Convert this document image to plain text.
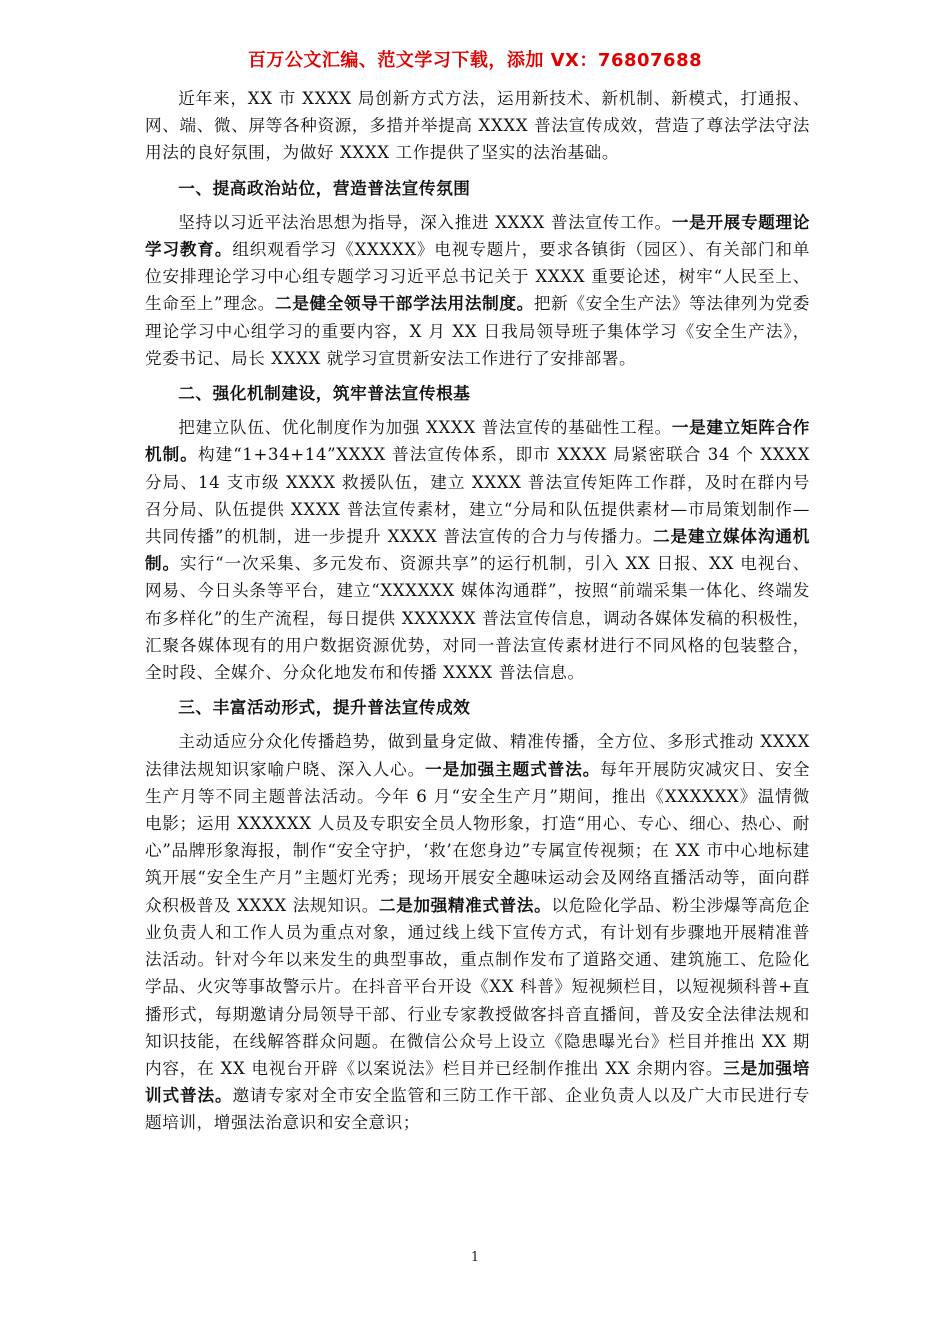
百万公文汇编、范文学习下载，添加 VX：76807688

近年来，XX 市 XXXX 局创新方式方法，运用新技术、新机制、新模式，打通报、网、端、微、屏等各种资源，多措并举提高 XXXX 普法宣传成效，营造了尊法学法守法用法的良好氛围，为做好 XXXX 工作提供了坚实的法治基础。

一、提高政治站位，营造普法宣传氛围

坚持以习近平法治思想为指导，深入推进 XXXX 普法宣传工作。一是开展专题理论学习教育。组织观看学习《XXXXX》电视专题片，要求各镇街（园区）、有关部门和单位安排理论学习中心组专题学习习近平总书记关于 XXXX 重要论述，树牢“人民至上、生命至上”理念。二是健全领导干部学法用法制度。把新《安全生产法》等法律列为党委理论学习中心组学习的重要内容，X 月 XX 日我局领导班子集体学习《安全生产法》，党委书记、局长 XXXX 就学习宣贯新安法工作进行了安排部署。

二、强化机制建设，筑牢普法宣传根基

把建立队伍、优化制度作为加强 XXXX 普法宣传的基础性工程。一是建立矩阵合作机制。构建“1+34+14”XXXX 普法宣传体系，即市 XXXX 局紧密联合 34 个 XXXX 分局、14 支市级 XXXX 救援队伍，建立 XXXX 普法宣传矩阵工作群，及时在群内号召分局、队伍提供 XXXX 普法宣传素材，建立“分局和队伍提供素材—市局策划制作—共同传播”的机制，进一步提升 XXXX 普法宣传的合力与传播力。二是建立媒体沟通机制。实行“一次采集、多元发布、资源共享”的运行机制，引入 XX 日报、XX 电视台、网易、今日头条等平台，建立“XXXXXX 媒体沟通群”，按照“前端采集一体化、终端发布多样化”的生产流程，每日提供 XXXXXX 普法宣传信息，调动各媒体发稿的积极性，汇聚各媒体现有的用户数据资源优势，对同一普法宣传素材进行不同风格的包装整合，全时段、全媒介、分众化地发布和传播 XXXX 普法信息。

三、丰富活动形式，提升普法宣传成效

主动适应分众化传播趋势，做到量身定做、精准传播，全方位、多形式推动 XXXX 法律法规知识家喻户晓、深入人心。一是加强主题式普法。每年开展防灾减灾日、安全生产月等不同主题普法活动。今年 6 月“安全生产月”期间，推出《XXXXXX》温情微电影；运用 XXXXXX 人员及专职安全员人物形象，打造“用心、专心、细心、热心、耐心”品牌形象海报，制作“安全守护，‘救’在您身边”专属宣传视频；在 XX 市中心地标建筑开展“安全生产月”主题灯光秀；现场开展安全趣味运动会及网络直播活动等，面向群众积极普及 XXXX 法规知识。二是加强精准式普法。以危险化学品、粉尘涉爆等高危企业负责人和工作人员为重点对象，通过线上线下宣传方式，有计划有步骤地开展精准普法活动。针对今年以来发生的典型事故，重点制作发布了道路交通、建筑施工、危险化学品、火灾等事故警示片。在抖音平台开设《XX 科普》短视频栏目，以短视频科普+直播形式，每期邀请分局领导干部、行业专家教授做客抖音直播间，普及安全法律法规和知识技能，在线解答群众问题。在微信公众号上设立《隐患曝光台》栏目并推出 XX 期内容，在 XX 电视台开辟《以案说法》栏目并已经制作推出 XX 余期内容。三是加强培训式普法。邀请专家对全市安全监管和三防工作干部、企业负责人以及广大市民进行专题培训，增强法治意识和安全意识；

1
